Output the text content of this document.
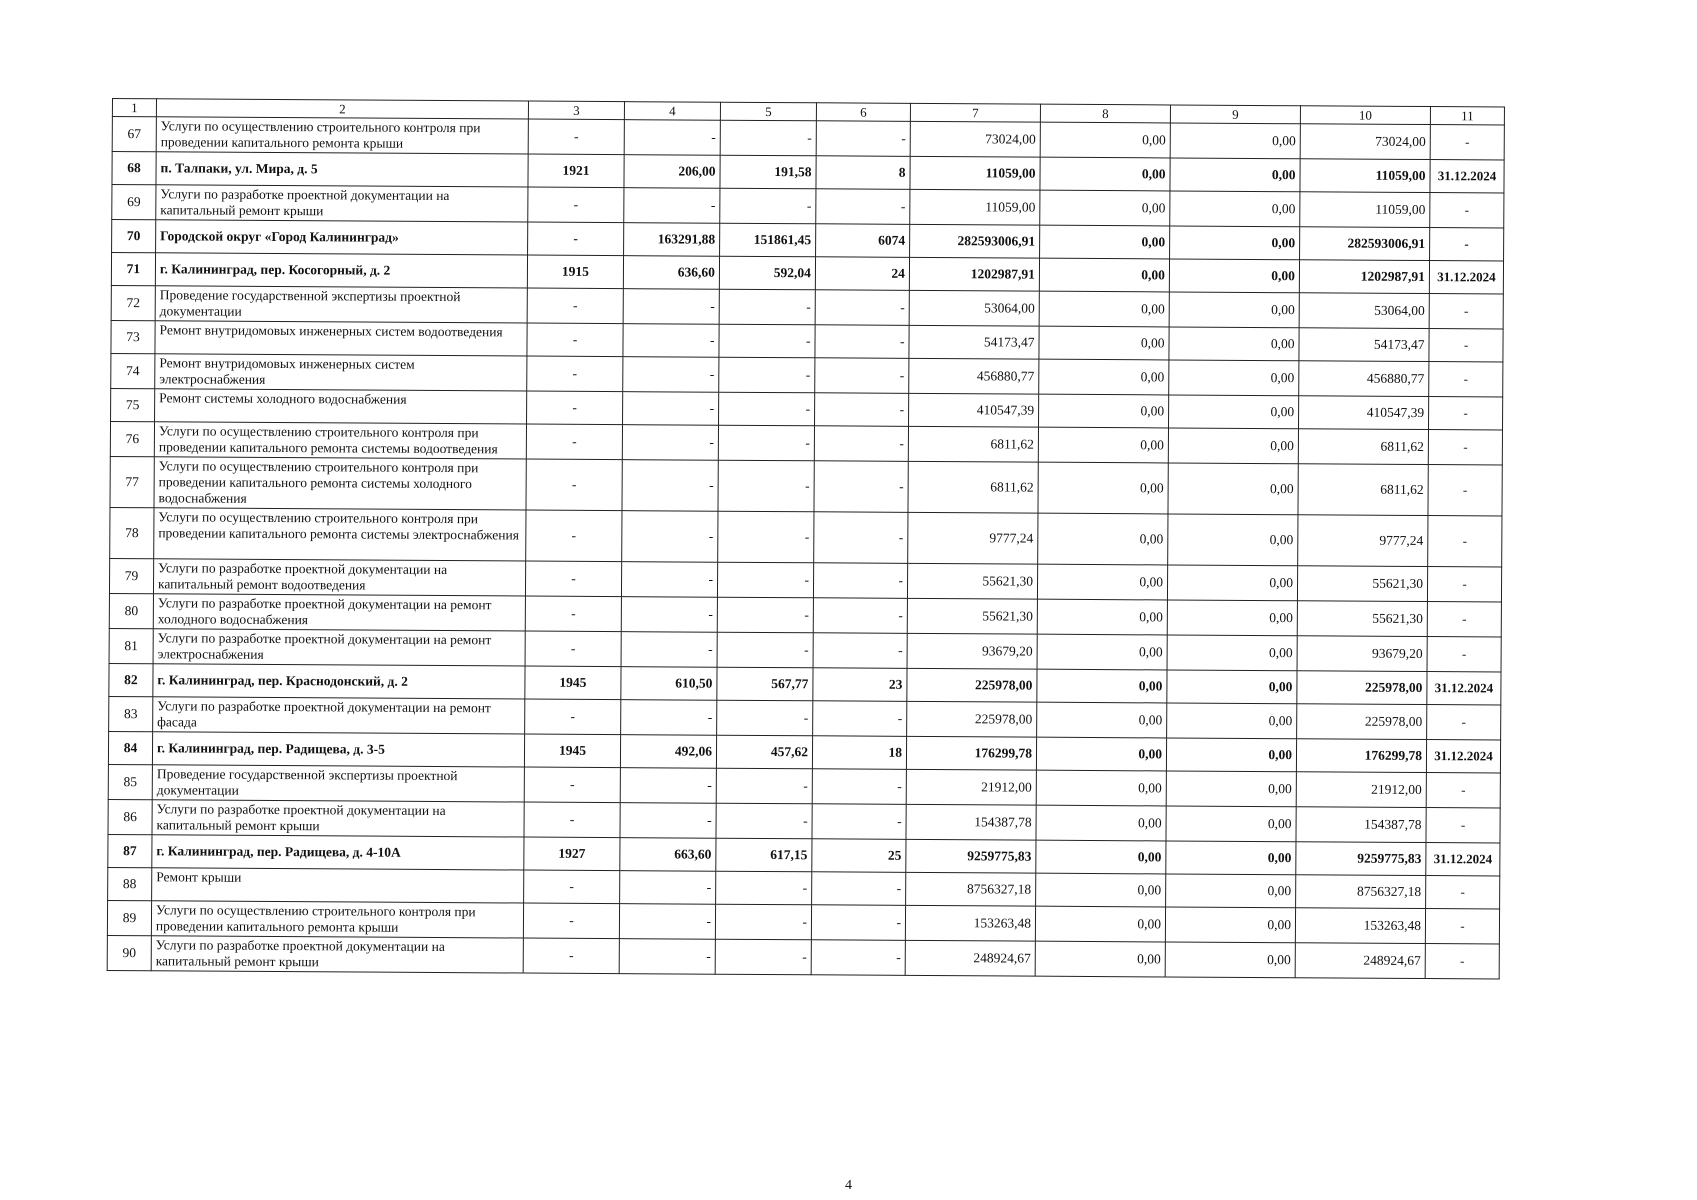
1	2	3	4	5	6	7	8	9	10	11
67	Услуги по осуществлению строительного контроля при проведении капитального ремонта крыши	-	-	-	-	73024,00	0,00	0,00	73024,00	-
68	п. Талпаки, ул. Мира, д. 5	1921	206,00	191,58	8	11059,00	0,00	0,00	11059,00	31.12.2024
69	Услуги по разработке проектной документации на капитальный ремонт крыши	-	-	-	-	11059,00	0,00	0,00	11059,00	-
70	Городской округ «Город Калининград»	-	163291,88	151861,45	6074	282593006,91	0,00	0,00	282593006,91	-
71	г. Калининград, пер. Косогорный, д. 2	1915	636,60	592,04	24	1202987,91	0,00	0,00	1202987,91	31.12.2024
72	Проведение государственной экспертизы проектной документации	-	-	-	-	53064,00	0,00	0,00	53064,00	-
73	Ремонт внутридомовых инженерных систем водоотведения	-	-	-	-	54173,47	0,00	0,00	54173,47	-
74	Ремонт внутридомовых инженерных систем электроснабжения	-	-	-	-	456880,77	0,00	0,00	456880,77	-
75	Ремонт системы холодного водоснабжения	-	-	-	-	410547,39	0,00	0,00	410547,39	-
76	Услуги по осуществлению строительного контроля при проведении капитального ремонта системы водоотведения	-	-	-	-	6811,62	0,00	0,00	6811,62	-
77	Услуги по осуществлению строительного контроля при проведении капитального ремонта системы холодного водоснабжения	-	-	-	-	6811,62	0,00	0,00	6811,62	-
78	Услуги по осуществлению строительного контроля при проведении капитального ремонта системы электроснабжения	-	-	-	-	9777,24	0,00	0,00	9777,24	-
79	Услуги по разработке проектной документации на капитальный ремонт водоотведения	-	-	-	-	55621,30	0,00	0,00	55621,30	-
80	Услуги по разработке проектной документации на ремонт холодного водоснабжения	-	-	-	-	55621,30	0,00	0,00	55621,30	-
81	Услуги по разработке проектной документации на ремонт электроснабжения	-	-	-	-	93679,20	0,00	0,00	93679,20	-
82	г. Калининград, пер. Краснодонский, д. 2	1945	610,50	567,77	23	225978,00	0,00	0,00	225978,00	31.12.2024
83	Услуги по разработке проектной документации на ремонт фасада	-	-	-	-	225978,00	0,00	0,00	225978,00	-
84	г. Калининград, пер. Радищева, д. 3-5	1945	492,06	457,62	18	176299,78	0,00	0,00	176299,78	31.12.2024
85	Проведение государственной экспертизы проектной документации	-	-	-	-	21912,00	0,00	0,00	21912,00	-
86	Услуги по разработке проектной документации на капитальный ремонт крыши	-	-	-	-	154387,78	0,00	0,00	154387,78	-
87	г. Калининград, пер. Радищева, д. 4-10А	1927	663,60	617,15	25	9259775,83	0,00	0,00	9259775,83	31.12.2024
88	Ремонт крыши	-	-	-	-	8756327,18	0,00	0,00	8756327,18	-
89	Услуги по осуществлению строительного контроля при проведении капитального ремонта крыши	-	-	-	-	153263,48	0,00	0,00	153263,48	-
90	Услуги по разработке проектной документации на капитальный ремонт крыши	-	-	-	-	248924,67	0,00	0,00	248924,67	-
4
